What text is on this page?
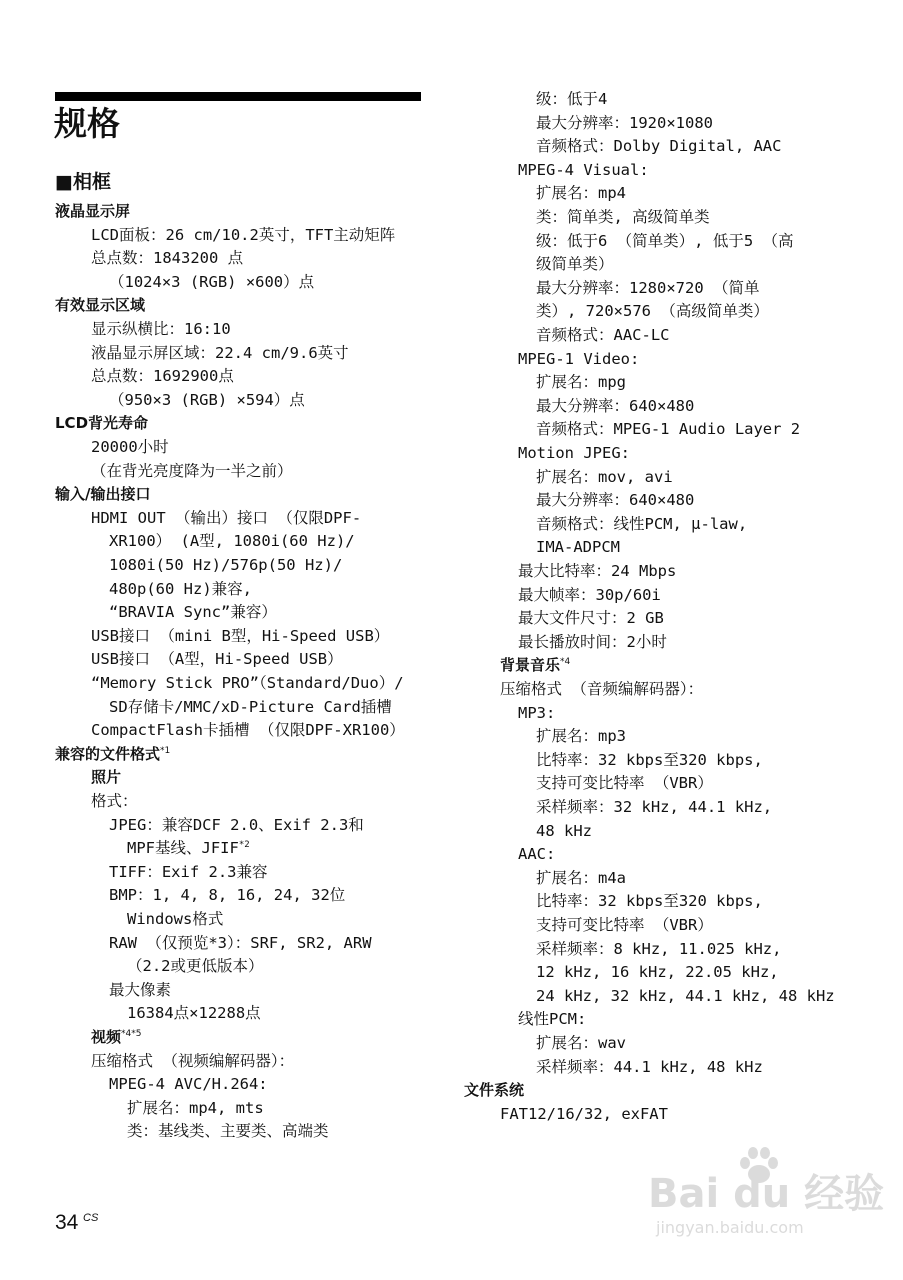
规格
■相框
液晶显示屏
LCD面板：26 cm/10.2英寸，TFT主动矩阵
总点数：1843200 点
（1024×3 (RGB) ×600）点
有效显示区域
显示纵横比：16:10
液晶显示屏区域：22.4 cm/9.6英寸
总点数：1692900点
（950×3 (RGB) ×594）点
LCD背光寿命
20000小时
（在背光亮度降为一半之前）
输入/输出接口
HDMI OUT （输出）接口 （仅限DPF-
XR100） (A型, 1080i(60 Hz)/
1080i(50 Hz)/576p(50 Hz)/
480p(60 Hz)兼容,
“BRAVIA Sync”兼容）
USB接口 （mini B型，Hi-Speed USB）
USB接口 （A型，Hi-Speed USB）
“Memory Stick PRO”（Standard/Duo）/
SD存储卡/MMC/xD-Picture Card插槽
CompactFlash卡插槽 （仅限DPF-XR100）
兼容的文件格式$^{*1}$
照片
格式：
JPEG：兼容DCF 2.0、Exif 2.3和
MPF基线、JFIF$^{*2}$
TIFF：Exif 2.3兼容
BMP：1, 4, 8, 16, 24, 32位
Windows格式
RAW （仅预览*3）：SRF, SR2, ARW
（2.2或更低版本）
最大像素
16384点×12288点
视频$^{*4*5}$
压缩格式 （视频编解码器）：
MPEG-4 AVC/H.264:
扩展名：mp4, mts
类：基线类、主要类、高端类
级：低于4
最大分辨率：1920×1080
音频格式：Dolby Digital, AAC
MPEG-4 Visual:
扩展名：mp4
类：简单类, 高级简单类
级：低于6 （简单类）, 低于5 （高
级简单类）
最大分辨率：1280×720 （简单
类）, 720×576 （高级简单类）
音频格式：AAC-LC
MPEG-1 Video:
扩展名：mpg
最大分辨率：640×480
音频格式：MPEG-1 Audio Layer 2
Motion JPEG:
扩展名：mov, avi
最大分辨率：640×480
音频格式：线性PCM, μ-law,
IMA-ADPCM
最大比特率：24 Mbps
最大帧率：30p/60i
最大文件尺寸：2 GB
最长播放时间：2小时
背景音乐$^{*4}$
压缩格式 （音频编解码器）：
MP3:
扩展名：mp3
比特率：32 kbps至320 kbps,
支持可变比特率 （VBR）
采样频率：32 kHz, 44.1 kHz,
48 kHz
AAC:
扩展名：m4a
比特率：32 kbps至320 kbps,
支持可变比特率 （VBR）
采样频率：8 kHz, 11.025 kHz,
12 kHz, 16 kHz, 22.05 kHz,
24 kHz, 32 kHz, 44.1 kHz, 48 kHz
线性PCM:
扩展名：wav
采样频率：44.1 kHz, 48 kHz
文件系统
FAT12/16/32, exFAT
34 CS
Bai du 经验
jingyan.baidu.com
